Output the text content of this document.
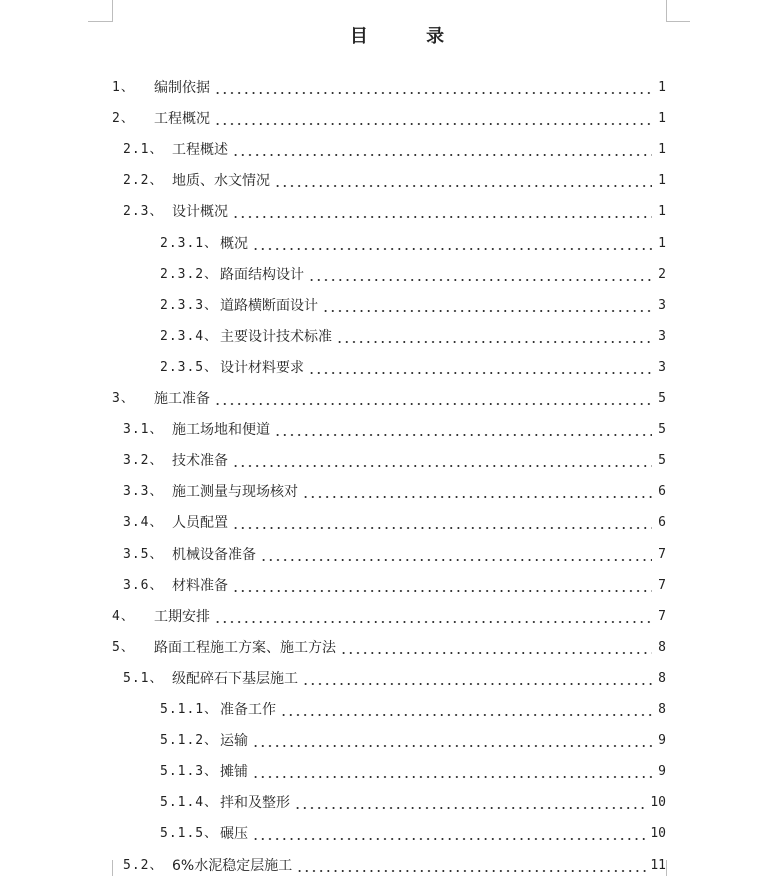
目 录
1、	编制依据	1
2、	工程概况	1
2.1、 工程概述	1
2.2、 地质、水文情况	1
2.3、 设计概况	1
2.3.1、 概况	1
2.3.2、 路面结构设计	2
2.3.3、 道路横断面设计	3
2.3.4、 主要设计技术标准	3
2.3.5、 设计材料要求	3
3、	施工准备	5
3.1、 施工场地和便道	5
3.2、 技术准备	5
3.3、 施工测量与现场核对	6
3.4、 人员配置	6
3.5、 机械设备准备	7
3.6、 材料准备	7
4、	工期安排	7
5、	路面工程施工方案、施工方法	8
5.1、 级配碎石下基层施工	8
5.1.1、 准备工作	8
5.1.2、 运输	9
5.1.3、 摊铺	9
5.1.4、 拌和及整形	10
5.1.5、 碾压	10
5.2、 6%水泥稳定层施工	11
